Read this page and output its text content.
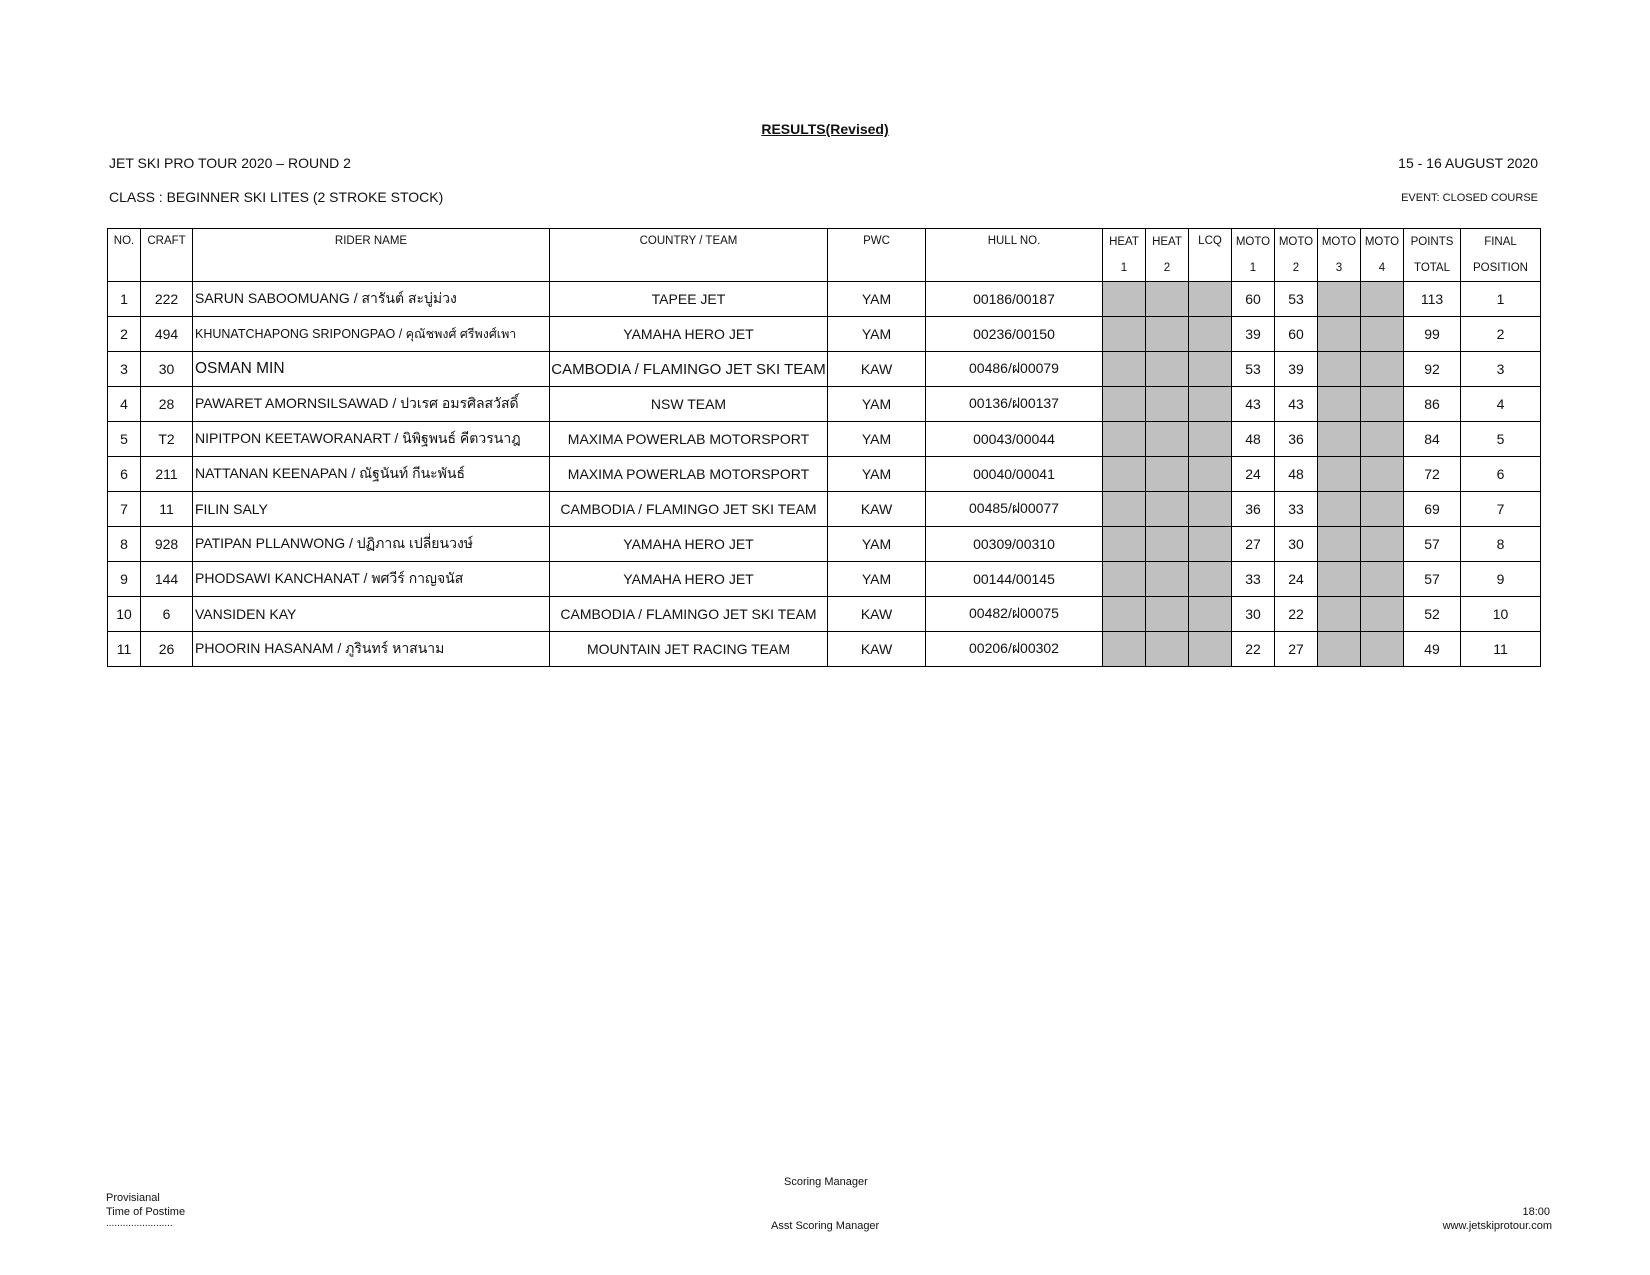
RESULTS(Revised)
JET SKI PRO TOUR 2020 – ROUND 2	15 - 16 AUGUST 2020
CLASS : BEGINNER SKI LITES (2 STROKE STOCK)	EVENT: CLOSED COURSE
NO.	CRAFT	RIDER NAME	COUNTRY / TEAM	PWC	HULL NO.	HEAT	HEAT	LCQ	MOTO	MOTO	MOTO	MOTO	POINTS	FINAL
						1	2		1	2	3	4	TOTAL	POSITION
1	222	SARUN SABOOMUANG / สารันต์ สะบู่ม่วง	TAPEE JET	YAM	00186/00187				60	53			113	1
2	494	KHUNATCHAPONG SRIPONGPAO / คุณัชพงศ์ ศรีพงศ์เพา	YAMAHA HERO JET	YAM	00236/00150				39	60			99	2
3	30	OSMAN MIN	CAMBODIA / FLAMINGO JET SKI TEAM	KAW	00486/ฝ00079				53	39			92	3
4	28	PAWARET AMORNSILSAWAD / ปวเรศ อมรศิลสวัสดิ์	NSW TEAM	YAM	00136/ฝ00137				43	43			86	4
5	T2	NIPITPON KEETAWORANART / นิพิฐพนธ์ คีตวรนาฎ	MAXIMA POWERLAB MOTORSPORT	YAM	00043/00044				48	36			84	5
6	211	NATTANAN KEENAPAN / ณัฐนันท์ กีนะพันธ์	MAXIMA POWERLAB MOTORSPORT	YAM	00040/00041				24	48			72	6
7	11	FILIN SALY	CAMBODIA / FLAMINGO JET SKI TEAM	KAW	00485/ฝ00077				36	33			69	7
8	928	PATIPAN PLLANWONG / ปฏิภาณ เปลี่ยนวงษ์	YAMAHA HERO JET	YAM	00309/00310				27	30			57	8
9	144	PHODSAWI KANCHANAT / พศวีร์ กาญจนัส	YAMAHA HERO JET	YAM	00144/00145				33	24			57	9
10	6	VANSIDEN KAY	CAMBODIA / FLAMINGO JET SKI TEAM	KAW	00482/ฝ00075				30	22			52	10
11	26	PHOORIN HASANAM / ภูรินทร์ หาสนาม	MOUNTAIN JET RACING TEAM	KAW	00206/ฝ00302				22	27			49	11
Scoring Manager
Asst Scoring Manager
Provisianal
Time of Postime
........................
18:00
www.jetskiprotour.com
